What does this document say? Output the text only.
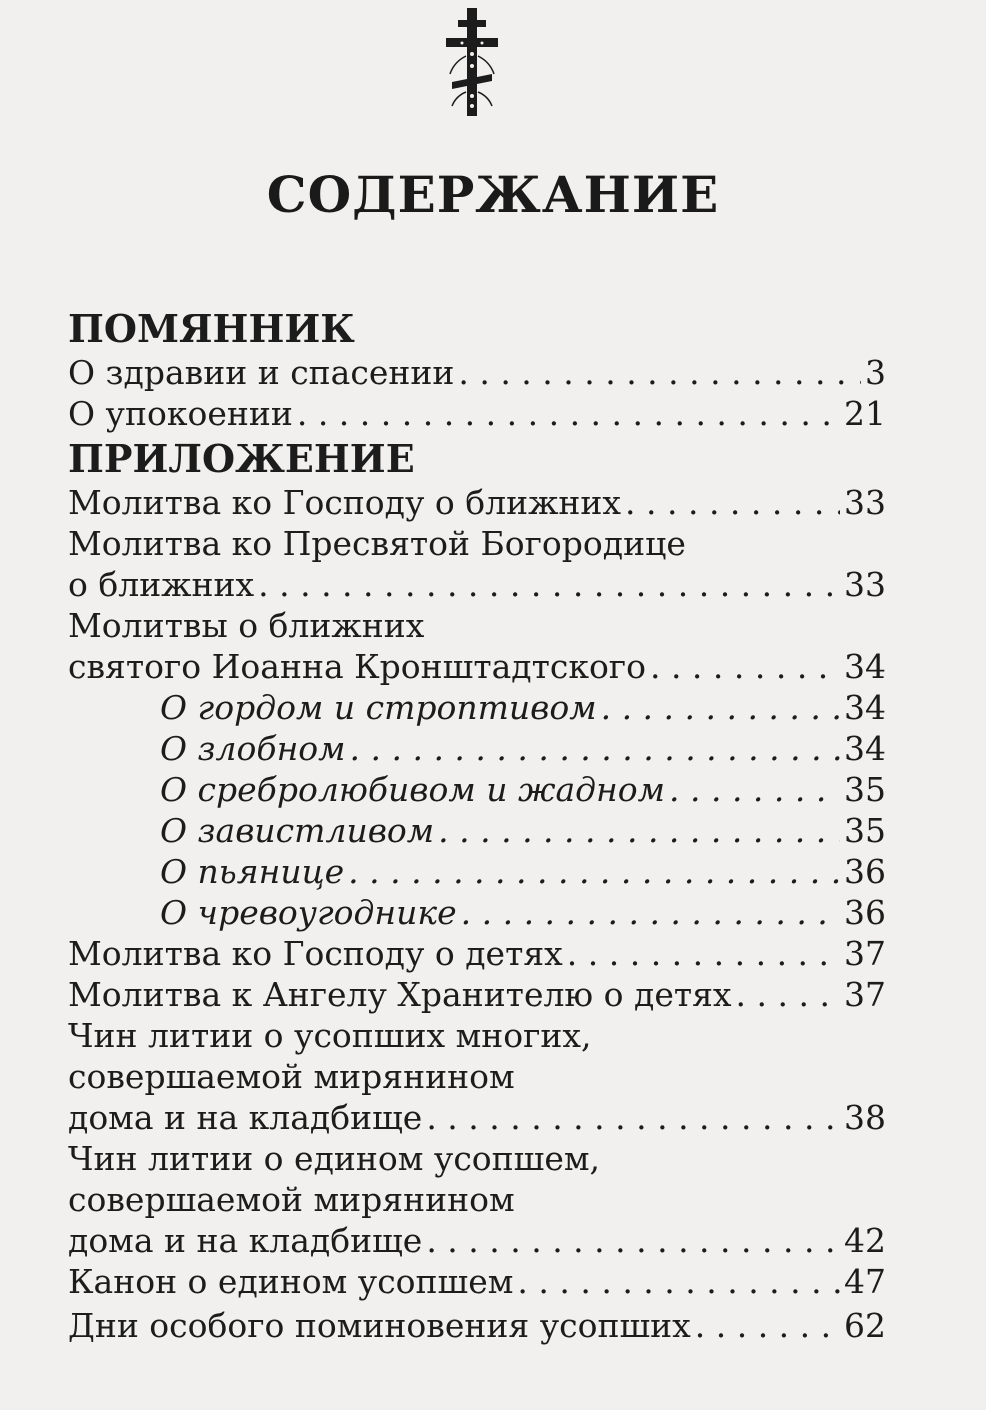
СОДЕРЖАНИЕ
ПОМЯННИК
О здравии и спасении . . .	3
О упокоении . . .	21
ПРИЛОЖЕНИЕ
Молитва ко Господу о ближних . . .	33
Молитва ко Пресвятой Богородице
о ближних . . .	33
Молитвы о ближних
святого Иоанна Кронштадтского . . .	34
О гордом и строптивом . . .	34
О злобном . . .	34
О сребролюбивом и жадном . . .	35
О завистливом . . .	35
О пьянице . . .	36
О чревоугоднике . . .	36
Молитва ко Господу о детях . . .	37
Молитва к Ангелу Хранителю о детях . . .	37
Чин литии о усопших многих,
совершаемой мирянином
дома и на кладбище . . .	38
Чин литии о едином усопшем,
совершаемой мирянином
дома и на кладбище . . .	42
Канон о едином усопшем . . .	47
Дни особого поминовения усопших . . .	62
